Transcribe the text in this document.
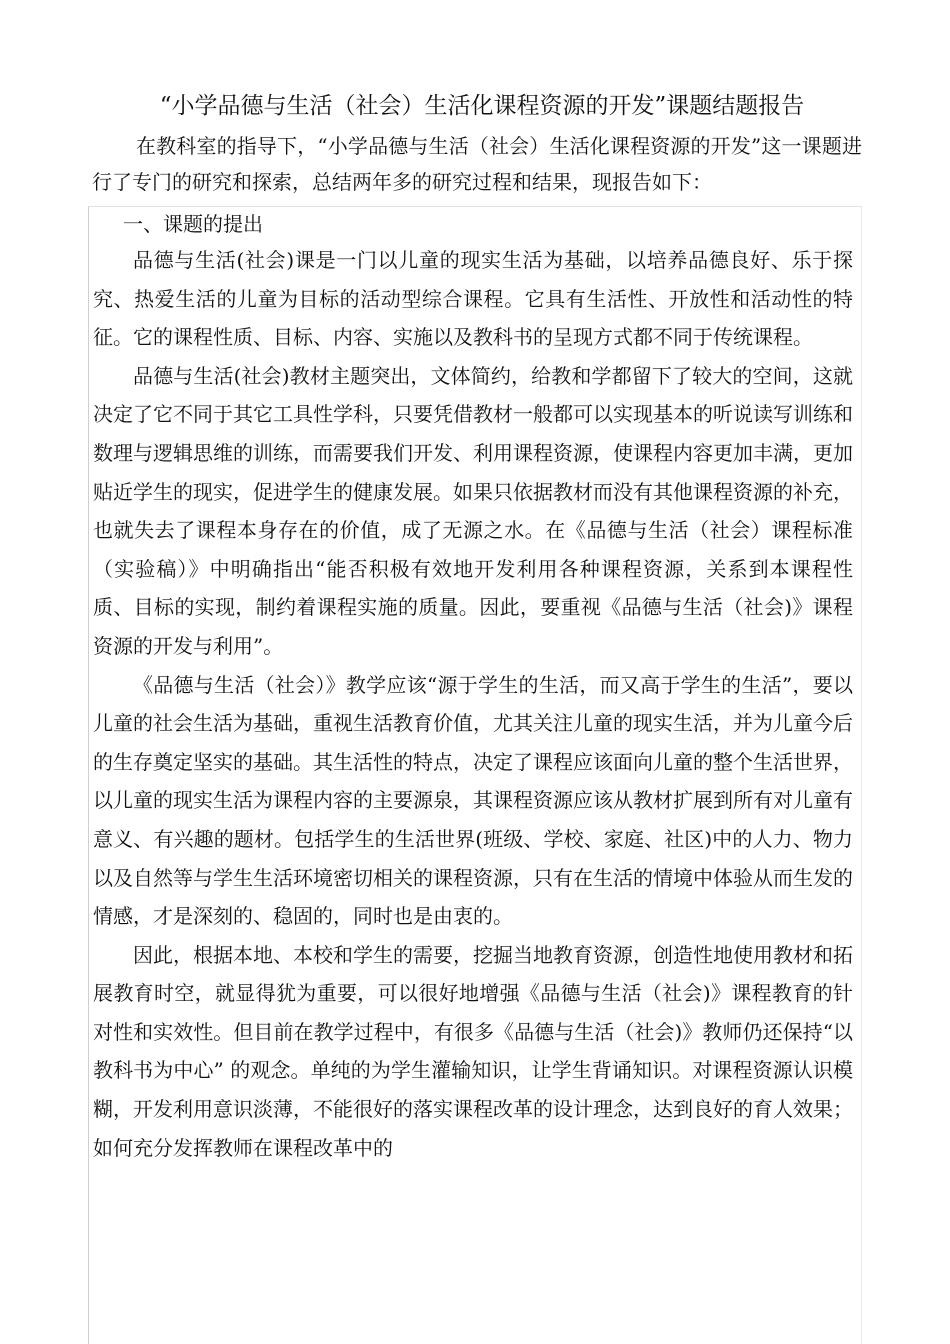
“小学品德与生活（社会）生活化课程资源的开发”课题结题报告

在教科室的指导下，“小学品德与生活（社会）生活化课程资源的开发”这一课题进行了专门的研究和探索，总结两年多的研究过程和结果，现报告如下：

一、课题的提出

品德与生活(社会)课是一门以儿童的现实生活为基础，以培养品德良好、乐于探究、热爱生活的儿童为目标的活动型综合课程。它具有生活性、开放性和活动性的特征。它的课程性质、目标、内容、实施以及教科书的呈现方式都不同于传统课程。

品德与生活(社会)教材主题突出，文体简约，给教和学都留下了较大的空间，这就决定了它不同于其它工具性学科，只要凭借教材一般都可以实现基本的听说读写训练和数理与逻辑思维的训练，而需要我们开发、利用课程资源，使课程内容更加丰满，更加贴近学生的现实，促进学生的健康发展。如果只依据教材而没有其他课程资源的补充，也就失去了课程本身存在的价值，成了无源之水。在《品德与生活（社会）课程标准（实验稿）》中明确指出“能否积极有效地开发利用各种课程资源，关系到本课程性质、目标的实现，制约着课程实施的质量。因此，要重视《品德与生活（社会)》课程资源的开发与利用”。

《品德与生活（社会）》教学应该“源于学生的生活，而又高于学生的生活”，要以儿童的社会生活为基础，重视生活教育价值，尤其关注儿童的现实生活，并为儿童今后的生存奠定坚实的基础。其生活性的特点，决定了课程应该面向儿童的整个生活世界，以儿童的现实生活为课程内容的主要源泉，其课程资源应该从教材扩展到所有对儿童有意义、有兴趣的题材。包括学生的生活世界(班级、学校、家庭、社区)中的人力、物力以及自然等与学生生活环境密切相关的课程资源，只有在生活的情境中体验从而生发的情感，才是深刻的、稳固的，同时也是由衷的。

因此，根据本地、本校和学生的需要，挖掘当地教育资源，创造性地使用教材和拓展教育时空，就显得犹为重要，可以很好地增强《品德与生活（社会)》课程教育的针对性和实效性。但目前在教学过程中，有很多《品德与生活（社会)》教师仍还保持“以教科书为中心” 的观念。单纯的为学生灌输知识，让学生背诵知识。对课程资源认识模糊，开发利用意识淡薄，不能很好的落实课程改革的设计理念，达到良好的育人效果；如何充分发挥教师在课程改革中的
